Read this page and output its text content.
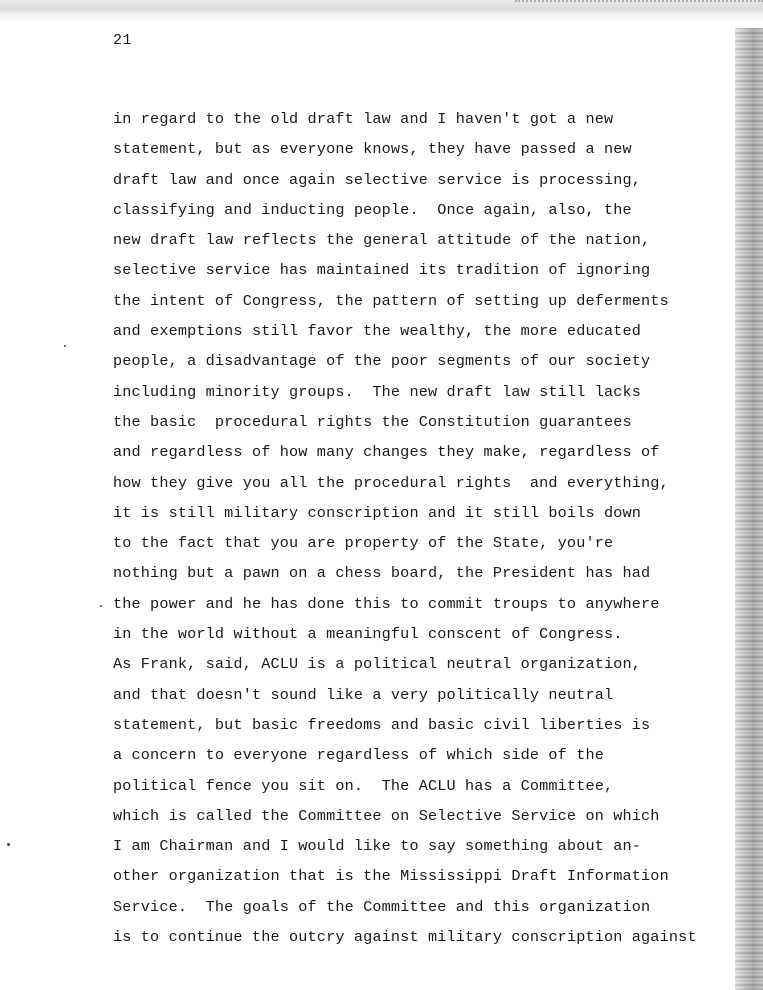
21
in regard to the old draft law and I haven't got a new
statement, but as everyone knows, they have passed a new
draft law and once again selective service is processing,
classifying and inducting people.  Once again, also, the
new draft law reflects the general attitude of the nation,
selective service has maintained its tradition of ignoring
the intent of Congress, the pattern of setting up deferments
and exemptions still favor the wealthy, the more educated
people, a disadvantage of the poor segments of our society
including minority groups.  The new draft law still lacks
the basic  procedural rights the Constitution guarantees
and regardless of how many changes they make, regardless of
how they give you all the procedural rights  and everything,
it is still military conscription and it still boils down
to the fact that you are property of the State, you're
nothing but a pawn on a chess board, the President has had
the power and he has done this to commit troups to anywhere
in the world without a meaningful conscent of Congress.
As Frank, said, ACLU is a political neutral organization,
and that doesn't sound like a very politically neutral
statement, but basic freedoms and basic civil liberties is
a concern to everyone regardless of which side of the
political fence you sit on.  The ACLU has a Committee,
which is called the Committee on Selective Service on which
I am Chairman and I would like to say something about an-
other organization that is the Mississippi Draft Information
Service.  The goals of the Committee and this organization
is to continue the outcry against military conscription against
